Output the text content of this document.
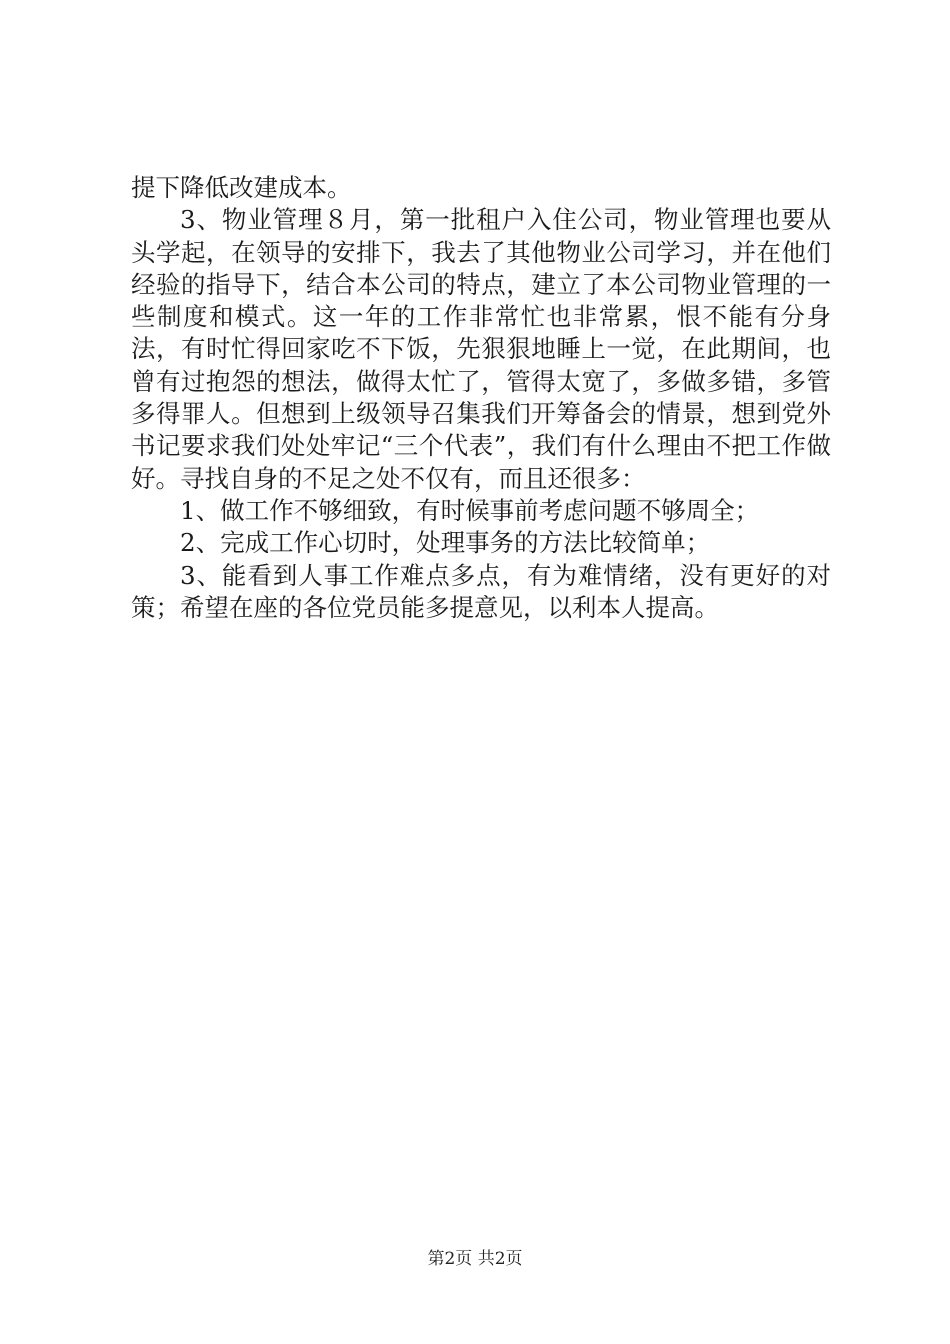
提下降低改建成本。

3、物业管理８月，第一批租户入住公司，物业管理也要从头学起，在领导的安排下，我去了其他物业公司学习，并在他们经验的指导下，结合本公司的特点，建立了本公司物业管理的一些制度和模式。这一年的工作非常忙也非常累，恨不能有分身法，有时忙得回家吃不下饭，先狠狠地睡上一觉，在此期间，也曾有过抱怨的想法，做得太忙了，管得太宽了，多做多错，多管多得罪人。但想到上级领导召集我们开筹备会的情景，想到党外书记要求我们处处牢记“三个代表”，我们有什么理由不把工作做好。寻找自身的不足之处不仅有，而且还很多：

1、做工作不够细致，有时候事前考虑问题不够周全；

2、完成工作心切时，处理事务的方法比较简单；

3、能看到人事工作难点多点，有为难情绪，没有更好的对策；希望在座的各位党员能多提意见，以利本人提高。

第2页 共2页
